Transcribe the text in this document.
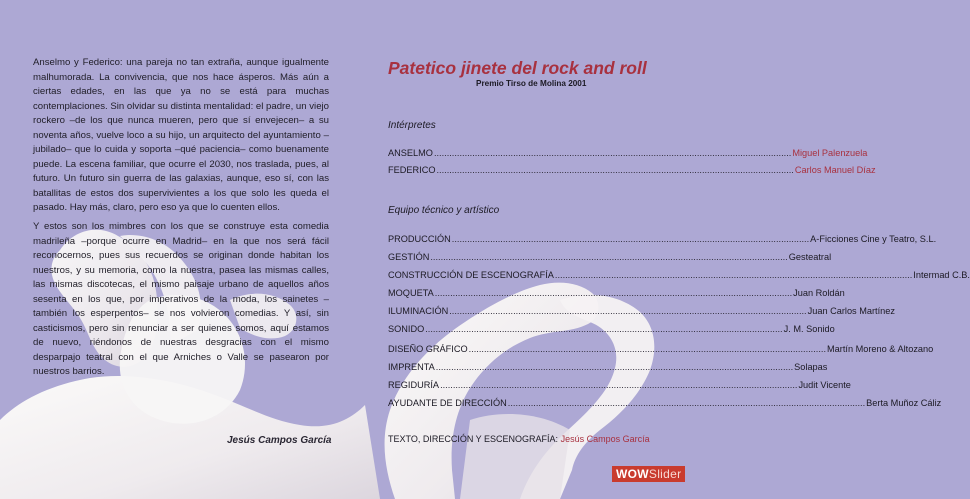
Anselmo y Federico: una pareja no tan extraña, aunque igualmente malhumorada. La convivencia, que nos hace ásperos. Más aún a ciertas edades, en las que ya no se está para muchas contemplaciones. Sin olvidar su distinta mentalidad: el padre, un viejo rockero –de los que nunca mueren, pero que sí envejecen– a su noventa años, vuelve loco a su hijo, un arquitecto del ayuntamiento –jubilado– que lo cuida y soporta –qué paciencia– como buenamente puede. La escena familiar, que ocurre el 2030, nos traslada, pues, al futuro. Un futuro sin guerra de las galaxias, aunque, eso sí, con las batallitas de estos dos supervivientes a los que solo les queda el pasado. Hay más, claro, pero eso ya que lo cuenten ellos.

Y estos son los mimbres con los que se construye esta comedia madrileña –porque ocurre en Madrid– en la que nos será fácil reconocernos, pues sus recuerdos se originan donde habitan los nuestros, y su memoria, como la nuestra, pasea las mismas calles, las mismas discotecas, el mismo paisaje urbano de aquellos años sesenta en los que, por imperativos de la moda, los sainetes –también los esperpentos– se nos volvieron comedias. Y así, sin casticismos, pero sin renunciar a ser quienes somos, aquí estamos de nuevo, riéndonos de nuestras desgracias con el mismo desparpajo teatral con el que Arniches o Valle se pasearon por nuestros barrios.

Jesús Campos García
Patetico jinete del rock and roll
Premio Tirso de Molina 2001
Intérpretes
ANSELMO ............................................................................................................................................ Miguel Palenzuela
FEDERICO ............................................................................................................................................ Carlos Manuel Díaz
Equipo técnico y artístico
PRODUCCIÓN ............................................................................................................................................ A-Ficciones Cine y Teatro, S.L.
GESTIÓN ............................................................................................................................................ Gesteatral
CONSTRUCCIÓN DE ESCENOGRAFÍA ............................................................................................................................................ Intermad C.B.
MOQUETA ............................................................................................................................................ Juan Roldán
ILUMINACIÓN ............................................................................................................................................ Juan Carlos Martínez
SONIDO ............................................................................................................................................ J. M. Sonido
DISEÑO GRÁFICO ............................................................................................................................................ Martín Moreno & Altozano
IMPRENTA ............................................................................................................................................ Solapas
REGIDURÍA ............................................................................................................................................ Judit Vicente
AYUDANTE DE DIRECCIÓN ............................................................................................................................................ Berta Muñoz Cáliz
TEXTO, DIRECCIÓN Y ESCENOGRAFÍA: Jesús Campos García
WOWSlider
